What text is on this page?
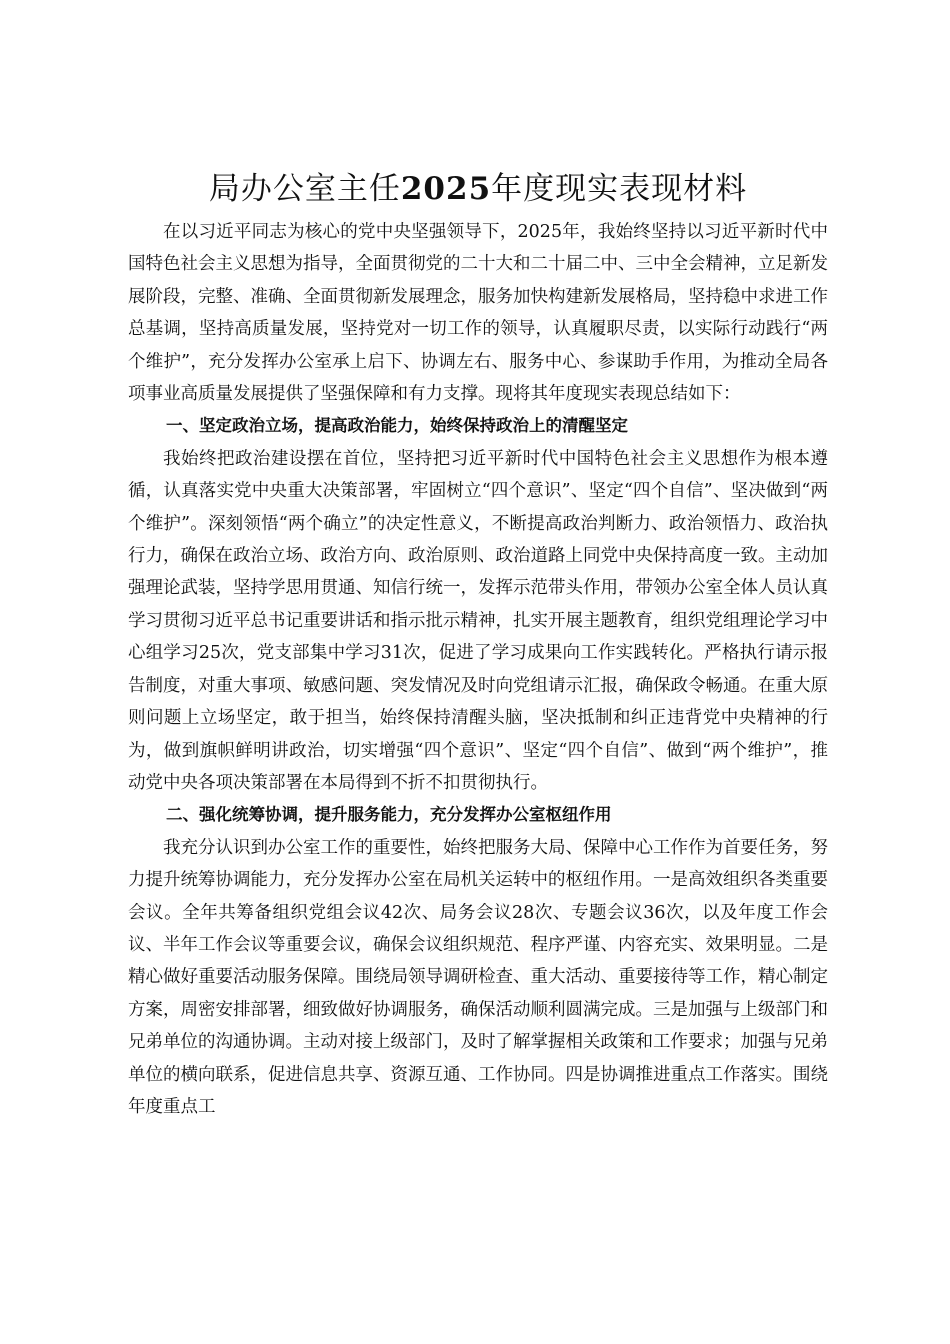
局办公室主任2025年度现实表现材料

在以习近平同志为核心的党中央坚强领导下，2025年，我始终坚持以习近平新时代中国特色社会主义思想为指导，全面贯彻党的二十大和二十届二中、三中全会精神，立足新发展阶段，完整、准确、全面贯彻新发展理念，服务加快构建新发展格局，坚持稳中求进工作总基调，坚持高质量发展，坚持党对一切工作的领导，认真履职尽责，以实际行动践行“两个维护”，充分发挥办公室承上启下、协调左右、服务中心、参谋助手作用，为推动全局各项事业高质量发展提供了坚强保障和有力支撑。现将其年度现实表现总结如下：

一、坚定政治立场，提高政治能力，始终保持政治上的清醒坚定

我始终把政治建设摆在首位，坚持把习近平新时代中国特色社会主义思想作为根本遵循，认真落实党中央重大决策部署，牢固树立“四个意识”、坚定“四个自信”、坚决做到“两个维护”。深刻领悟“两个确立”的决定性意义，不断提高政治判断力、政治领悟力、政治执行力，确保在政治立场、政治方向、政治原则、政治道路上同党中央保持高度一致。主动加强理论武装，坚持学思用贯通、知信行统一，发挥示范带头作用，带领办公室全体人员认真学习贯彻习近平总书记重要讲话和指示批示精神，扎实开展主题教育，组织党组理论学习中心组学习25次，党支部集中学习31次，促进了学习成果向工作实践转化。严格执行请示报告制度，对重大事项、敏感问题、突发情况及时向党组请示汇报，确保政令畅通。在重大原则问题上立场坚定，敢于担当，始终保持清醒头脑，坚决抵制和纠正违背党中央精神的行为，做到旗帜鲜明讲政治，切实增强“四个意识”、坚定“四个自信”、做到“两个维护”，推动党中央各项决策部署在本局得到不折不扣贯彻执行。

二、强化统筹协调，提升服务能力，充分发挥办公室枢纽作用

我充分认识到办公室工作的重要性，始终把服务大局、保障中心工作作为首要任务，努力提升统筹协调能力，充分发挥办公室在局机关运转中的枢纽作用。一是高效组织各类重要会议。全年共筹备组织党组会议42次、局务会议28次、专题会议36次，以及年度工作会议、半年工作会议等重要会议，确保会议组织规范、程序严谨、内容充实、效果明显。二是精心做好重要活动服务保障。围绕局领导调研检查、重大活动、重要接待等工作，精心制定方案，周密安排部署，细致做好协调服务，确保活动顺利圆满完成。三是加强与上级部门和兄弟单位的沟通协调。主动对接上级部门，及时了解掌握相关政策和工作要求；加强与兄弟单位的横向联系，促进信息共享、资源互通、工作协同。四是协调推进重点工作落实。围绕年度重点工
